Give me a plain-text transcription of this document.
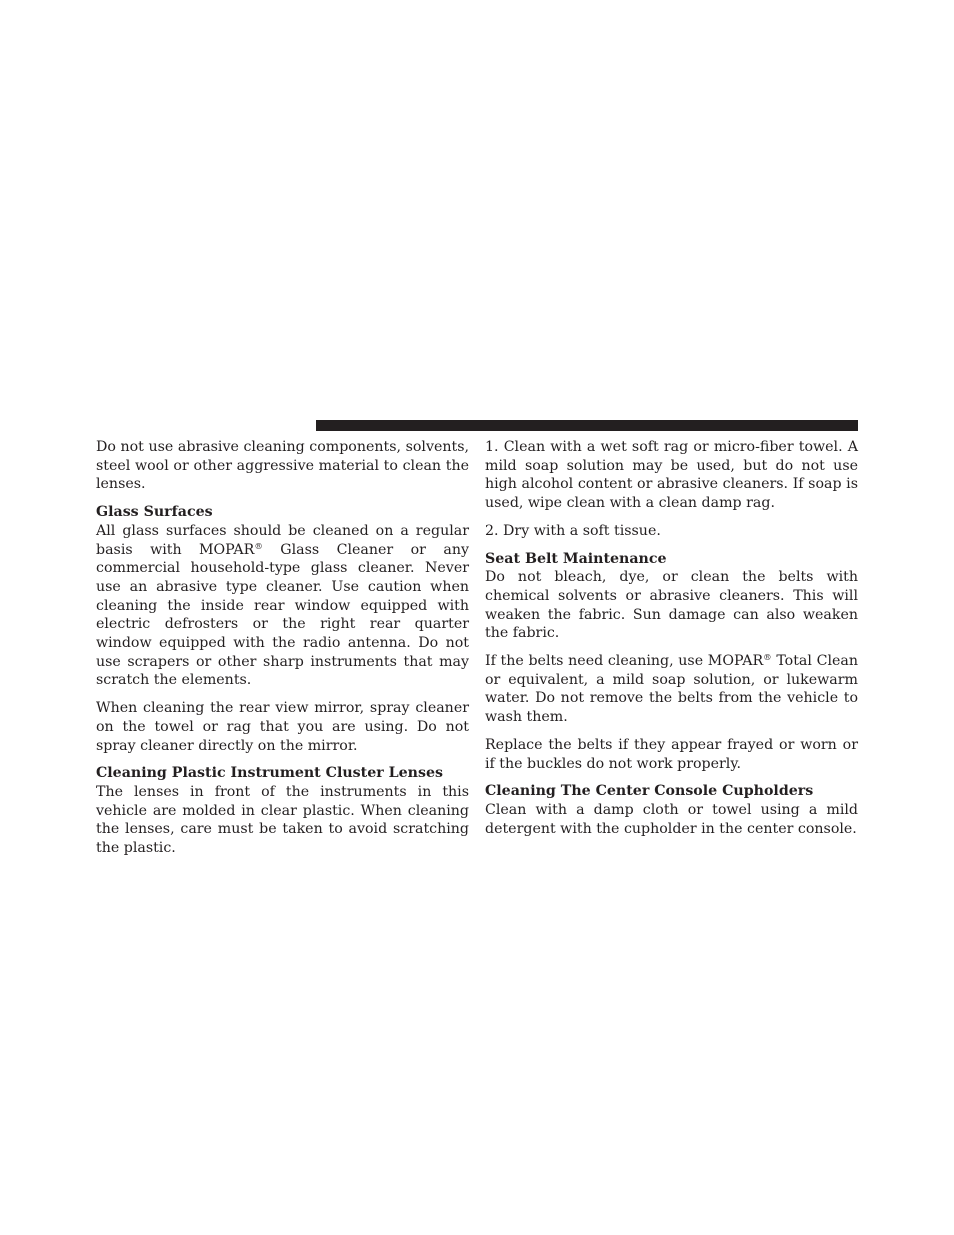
Do not use abrasive cleaning components, solvents, steel wool or other aggressive material to clean the lenses.

Glass Surfaces

All glass surfaces should be cleaned on a regular basis with MOPAR® Glass Cleaner or any commercial household-type glass cleaner. Never use an abrasive type cleaner. Use caution when cleaning the inside rear window equipped with electric defrosters or the right rear quarter window equipped with the radio antenna. Do not use scrapers or other sharp instruments that may scratch the elements.

When cleaning the rear view mirror, spray cleaner on the towel or rag that you are using. Do not spray cleaner directly on the mirror.

Cleaning Plastic Instrument Cluster Lenses

The lenses in front of the instruments in this vehicle are molded in clear plastic. When cleaning the lenses, care must be taken to avoid scratching the plastic.

1. Clean with a wet soft rag or micro-fiber towel. A mild soap solution may be used, but do not use high alcohol content or abrasive cleaners. If soap is used, wipe clean with a clean damp rag.

2. Dry with a soft tissue.

Seat Belt Maintenance

Do not bleach, dye, or clean the belts with chemical solvents or abrasive cleaners. This will weaken the fabric. Sun damage can also weaken the fabric.

If the belts need cleaning, use MOPAR® Total Clean or equivalent, a mild soap solution, or lukewarm water. Do not remove the belts from the vehicle to wash them.

Replace the belts if they appear frayed or worn or if the buckles do not work properly.

Cleaning The Center Console Cupholders

Clean with a damp cloth or towel using a mild detergent with the cupholder in the center console.
